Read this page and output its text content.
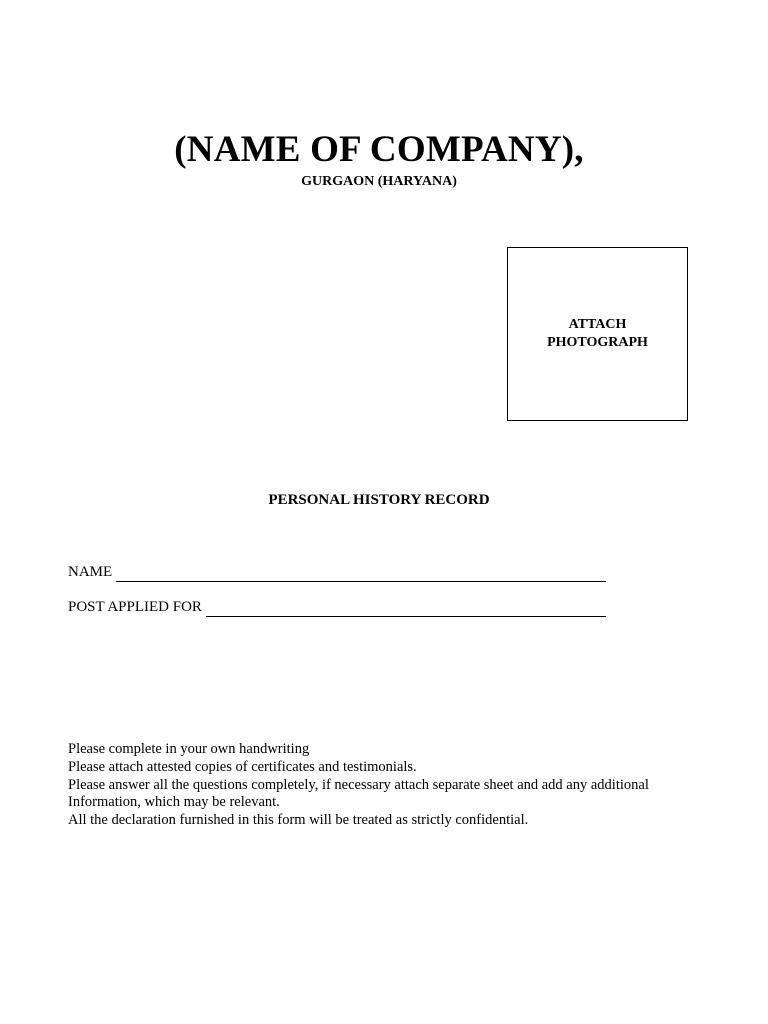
(NAME OF COMPANY),
GURGAON (HARYANA)
ATTACH
PHOTOGRAPH
PERSONAL HISTORY RECORD
NAME
POST APPLIED FOR
Please complete in your own handwriting
Please attach attested copies of certificates and testimonials.
Please answer all the questions completely, if necessary attach separate sheet and add any additional
Information, which may be relevant.
All the declaration furnished in this form will be treated as strictly confidential.
